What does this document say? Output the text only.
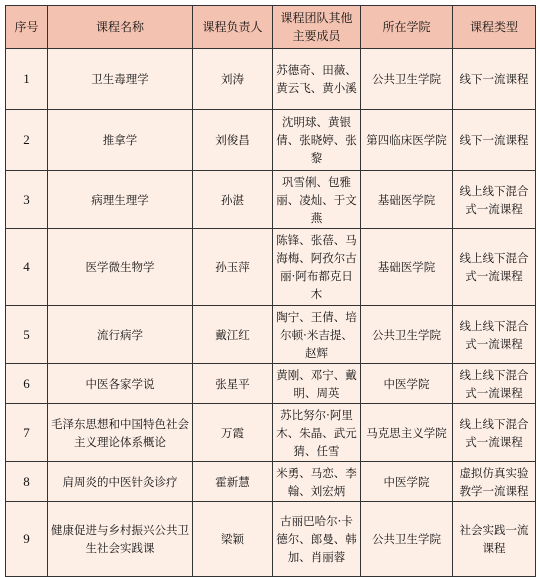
序号	课程名称	课程负责人	课程团队其他主要成员	所在学院	课程类型
1	卫生毒理学	刘涛	苏德奇、田薇、黄云飞、黄小溪	公共卫生学院	线下一流课程
2	推拿学	刘俊昌	沈明球、黄银倩、张晓婷、张黎	第四临床医学院	线下一流课程
3	病理生理学	孙湛	巩雪俐、包雅丽、凌灿、于文燕	基础医学院	线上线下混合式一流课程
4	医学微生物学	孙玉萍	陈锋、张蓓、马海梅、阿孜尔古丽·阿布都克日木	基础医学院	线上线下混合式一流课程
5	流行病学	戴江红	陶宁、王倩、培尔顿·米吉提、赵辉	公共卫生学院	线上线下混合式一流课程
6	中医各家学说	张星平	黄刚、邓宁、戴明、周英	中医学院	线上线下混合式一流课程
7	毛泽东思想和中国特色社会主义理论体系概论	万霞	苏比努尔·阿里木、朱晶、武元猜、任雪	马克思主义学院	线上线下混合式一流课程
8	肩周炎的中医针灸诊疗	霍新慧	米勇、马恋、李翰、刘宏炳	中医学院	虚拟仿真实验教学一流课程
9	健康促进与乡村振兴公共卫生社会实践课	梁颖	古丽巴哈尔·卡德尔、郎曼、韩加、肖丽蓉	公共卫生学院	社会实践一流课程
